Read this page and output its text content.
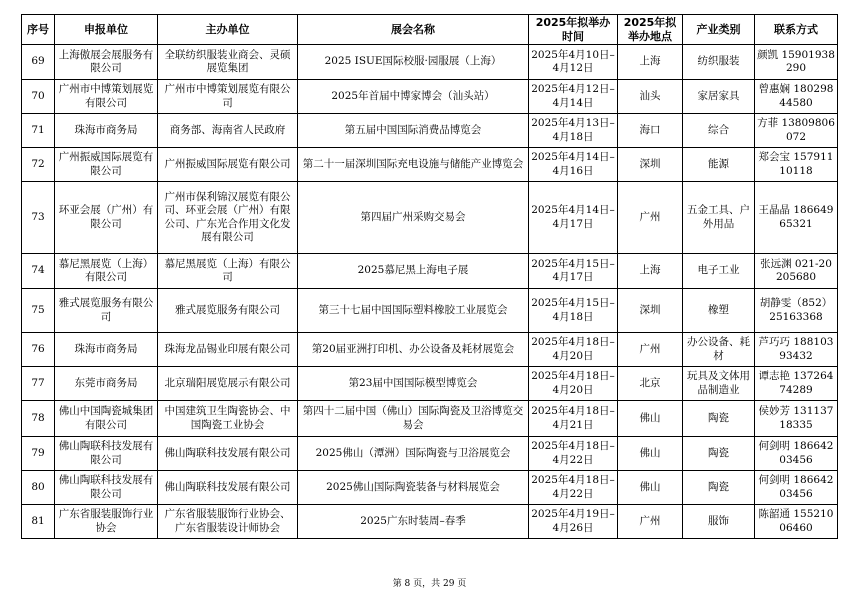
序号	申报单位	主办单位	展会名称	2025年拟举办时间	2025年拟举办地点	产业类别	联系方式
69	上海傲展会展服务有限公司	全联纺织服装业商会、灵硕展览集团	2025 ISUE国际校服·园服展（上海）	2025年4月10日–4月12日	上海	纺织服装	颜凯 15901938290
70	广州市中博策划展览有限公司	广州市中博策划展览有限公司	2025年首届中博家博会（汕头站）	2025年4月12日–4月14日	汕头	家居家具	曾惠娴 18029844580
71	珠海市商务局	商务部、海南省人民政府	第五届中国国际消费品博览会	2025年4月13日–4月18日	海口	综合	方菲 13809806072
72	广州振威国际展览有限公司	广州振威国际展览有限公司	第二十一届深圳国际充电设施与储能产业博览会	2025年4月14日–4月16日	深圳	能源	郑会宝 15791110118
73	环亚会展（广州）有限公司	广州市保利锦汉展览有限公司、环亚会展（广州）有限公司、广东光合作用文化发展有限公司	第四届广州采购交易会	2025年4月14日–4月17日	广州	五金工具、户外用品	王晶晶 18664965321
74	慕尼黑展览（上海）有限公司	慕尼黑展览（上海）有限公司	2025慕尼黑上海电子展	2025年4月15日–4月17日	上海	电子工业	张远渊 021-20205680
75	雅式展览服务有限公司	雅式展览服务有限公司	第三十七届中国国际塑料橡胶工业展览会	2025年4月15日–4月18日	深圳	橡塑	胡静雯（852）25163368
76	珠海市商务局	珠海龙品锡业印展有限公司	第20届亚洲打印机、办公设备及耗材展览会	2025年4月18日–4月20日	广州	办公设备、耗材	芦巧巧 18810393432
77	东莞市商务局	北京瑞阳展览展示有限公司	第23届中国国际模型博览会	2025年4月18日–4月20日	北京	玩具及文体用品制造业	谭志艳 13726474289
78	佛山中国陶瓷城集团有限公司	中国建筑卫生陶瓷协会、中国陶瓷工业协会	第四十二届中国（佛山）国际陶瓷及卫浴博览交易会	2025年4月18日–4月21日	佛山	陶瓷	侯妙芳 13113718335
79	佛山陶联科技发展有限公司	佛山陶联科技发展有限公司	2025佛山（潭洲）国际陶瓷与卫浴展览会	2025年4月18日–4月22日	佛山	陶瓷	何剑明 18664203456
80	佛山陶联科技发展有限公司	佛山陶联科技发展有限公司	2025佛山国际陶瓷装备与材料展览会	2025年4月18日–4月22日	佛山	陶瓷	何剑明 18664203456
81	广东省服装服饰行业协会	广东省服装服饰行业协会、广东省服装设计师协会	2025广东时装周–春季	2025年4月19日–4月26日	广州	服饰	陈韶通 15521006460
第 8 页，共 29 页
